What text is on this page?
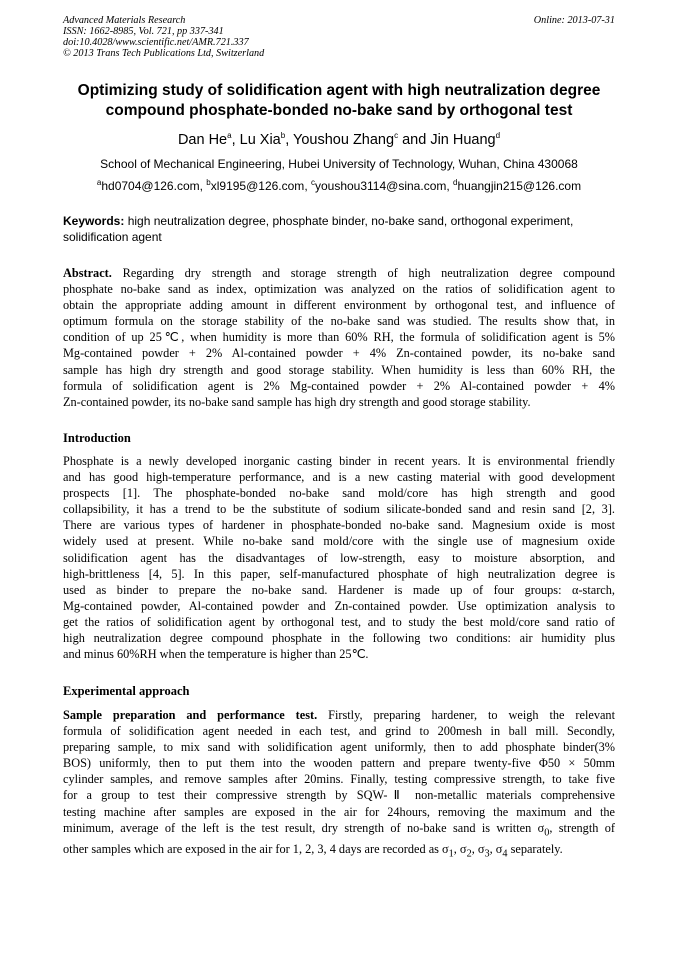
Advanced Materials Research
ISSN: 1662-8985, Vol. 721, pp 337-341
doi:10.4028/www.scientific.net/AMR.721.337
© 2013 Trans Tech Publications Ltd, Switzerland
Online: 2013-07-31
Optimizing study of solidification agent with high neutralization degree
compound phosphate-bonded no-bake sand by orthogonal test
Dan He$^a$, Lu Xia$^b$, Youshou Zhang$^c$ and Jin Huang$^d$
School of Mechanical Engineering, Hubei University of Technology, Wuhan, China 430068
$^a$hd0704@126.com, $^b$xl9195@126.com, $^c$youshou3114@sina.com, $^d$huangjin215@126.com
Keywords: high neutralization degree, phosphate binder, no-bake sand, orthogonal experiment,
solidification agent
Abstract. Regarding dry strength and storage strength of high neutralization degree compound
phosphate no-bake sand as index, optimization was analyzed on the ratios of solidification agent to
obtain the appropriate adding amount in different environment by orthogonal test, and influence of
optimum formula on the storage stability of the no-bake sand was studied. The results show that, in
condition of up 25℃, when humidity is more than 60% RH, the formula of solidification agent is 5%
Mg-contained powder + 2% Al-contained powder + 4% Zn-contained powder, its no-bake sand
sample has high dry strength and good storage stability. When humidity is less than 60% RH, the
formula of solidification agent is 2% Mg-contained powder + 2% Al-contained powder + 4%
Zn-contained powder, its no-bake sand sample has high dry strength and good storage stability.
Introduction
Phosphate is a newly developed inorganic casting binder in recent years. It is environmental friendly
and has good high-temperature performance, and is a new casting material with good development
prospects [1]. The phosphate-bonded no-bake sand mold/core has high strength and good
collapsibility, it has a trend to be the substitute of sodium silicate-bonded sand and resin sand [2, 3].
There are various types of hardener in phosphate-bonded no-bake sand. Magnesium oxide is most
widely used at present. While no-bake sand mold/core with the single use of magnesium oxide
solidification agent has the disadvantages of low-strength, easy to moisture absorption, and
high-brittleness [4, 5]. In this paper, self-manufactured phosphate of high neutralization degree is
used as binder to prepare the no-bake sand. Hardener is made up of four groups: α-starch,
Mg-contained powder, Al-contained powder and Zn-contained powder. Use optimization analysis to
get the ratios of solidification agent by orthogonal test, and to study the best mold/core sand ratio of
high neutralization degree compound phosphate in the following two conditions: air humidity plus
and minus 60%RH when the temperature is higher than 25℃.
Experimental approach
Sample preparation and performance test. Firstly, preparing hardener, to weigh the relevant
formula of solidification agent needed in each test, and grind to 200mesh in ball mill. Secondly,
preparing sample, to mix sand with solidification agent uniformly, then to add phosphate binder(3%
BOS) uniformly, then to put them into the wooden pattern and prepare twenty-five Φ50 × 50mm
cylinder samples, and remove samples after 20mins. Finally, testing compressive strength, to take five
for a group to test their compressive strength by SQW-Ⅱ non-metallic materials comprehensive
testing machine after samples are exposed in the air for 24hours, removing the maximum and the
minimum, average of the left is the test result, dry strength of no-bake sand is written $\sigma_0$, strength of
other samples which are exposed in the air for 1, 2, 3, 4 days are recorded as $\sigma_1$, $\sigma_2$, $\sigma_3$, $\sigma_4$ separately.
